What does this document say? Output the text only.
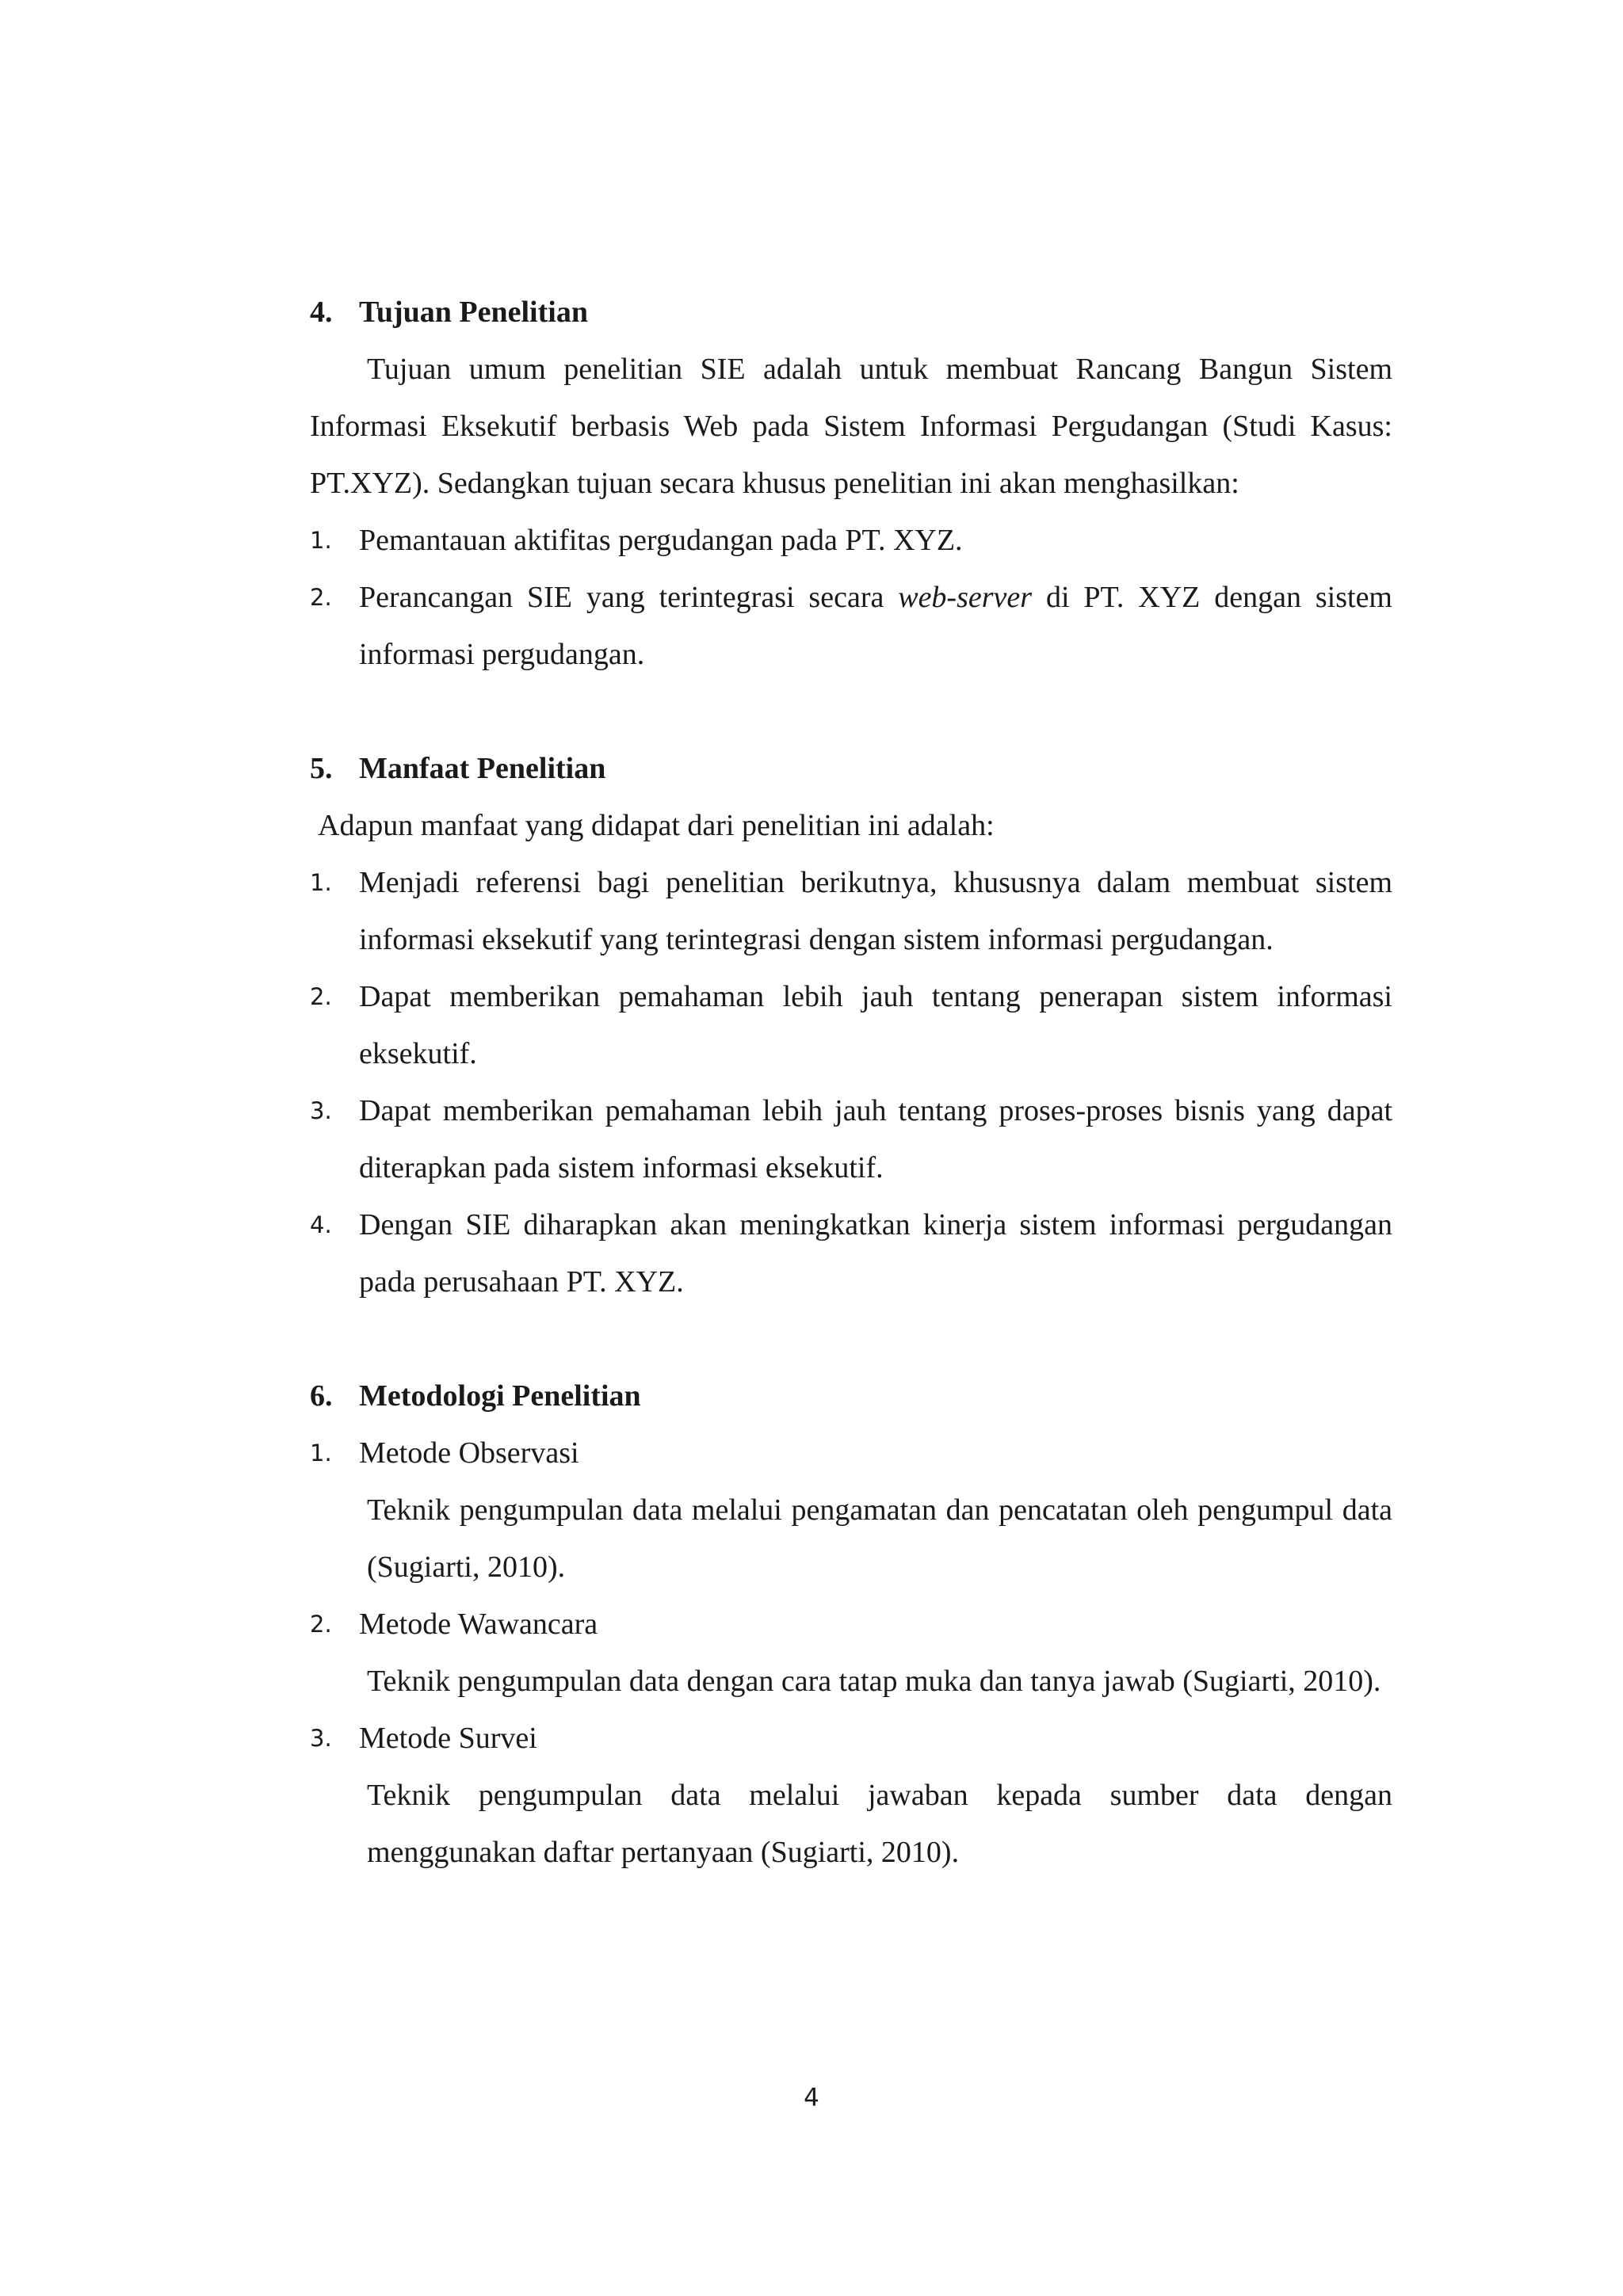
4. Tujuan Penelitian

Tujuan umum penelitian SIE adalah untuk membuat Rancang Bangun Sistem Informasi Eksekutif berbasis Web pada Sistem Informasi Pergudangan (Studi Kasus: PT.XYZ). Sedangkan tujuan secara khusus penelitian ini akan menghasilkan:

1. Pemantauan aktifitas pergudangan pada PT. XYZ.

2. Perancangan SIE yang terintegrasi secara web-server di PT. XYZ dengan sistem informasi pergudangan.

5. Manfaat Penelitian

Adapun manfaat yang didapat dari penelitian ini adalah:

1. Menjadi referensi bagi penelitian berikutnya, khususnya dalam membuat sistem informasi eksekutif yang terintegrasi dengan sistem informasi pergudangan.

2. Dapat memberikan pemahaman lebih jauh tentang penerapan sistem informasi eksekutif.

3. Dapat memberikan pemahaman lebih jauh tentang proses-proses bisnis yang dapat diterapkan pada sistem informasi eksekutif.

4. Dengan SIE diharapkan akan meningkatkan kinerja sistem informasi pergudangan pada perusahaan PT. XYZ.

6. Metodologi Penelitian
1. Metode Observasi

Teknik pengumpulan data melalui pengamatan dan pencatatan oleh pengumpul data (Sugiarti, 2010).

2. Metode Wawancara

Teknik pengumpulan data dengan cara tatap muka dan tanya jawab (Sugiarti, 2010).

3. Metode Survei

Teknik pengumpulan data melalui jawaban kepada sumber data dengan menggunakan daftar pertanyaan (Sugiarti, 2010).

4
